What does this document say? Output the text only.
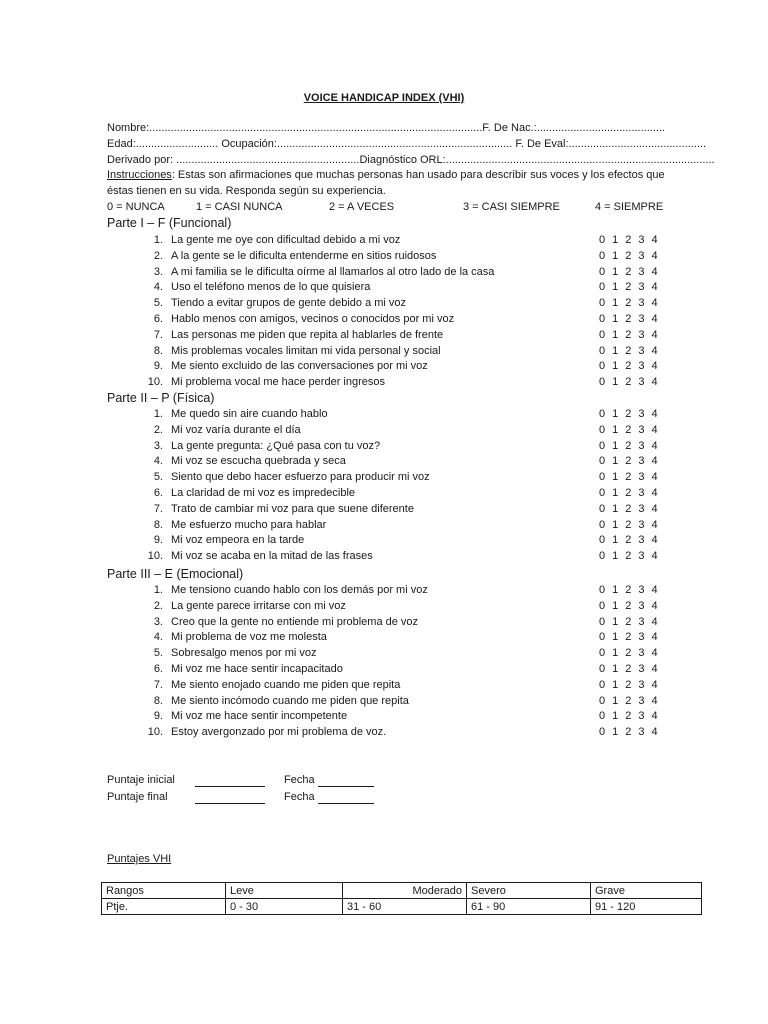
VOICE HANDICAP INDEX (VHI)
Nombre:.............................................................................................................F. De Nac.:..........................................
Edad:........................... Ocupación:............................................................................. F. De Eval:.............................................
Derivado por: ............................................................Diagnóstico ORL:........................................................................................
Instrucciones: Estas son afirmaciones que muchas personas han usado para describir sus voces y los efectos que
éstas tienen en su vida. Responda según su experiencia.
0 = NUNCA	1 = CASI NUNCA	2 = A VECES	3 = CASI SIEMPRE	4 = SIEMPRE
Parte I – F (Funcional)
1. La gente me oye con dificultad debido a mi voz	0  1  2  3  4
2. A la gente se le dificulta entenderme en sitios ruidosos	0  1  2  3  4
3. A mi familia se le dificulta oírme al llamarlos al otro lado de la casa	0  1  2  3  4
4. Uso el teléfono menos de lo que quisiera	0  1  2  3  4
5. Tiendo a evitar grupos de gente debido a mi voz	0  1  2  3  4
6. Hablo menos con amigos, vecinos o conocidos por mi voz	0  1  2  3  4
7. Las personas me piden que repita al hablarles de frente	0  1  2  3  4
8. Mis problemas vocales limitan mi vida personal y social	0  1  2  3  4
9. Me siento excluido de las conversaciones por mi voz	0  1  2  3  4
10. Mi problema vocal me hace perder ingresos	0  1  2  3  4
Parte II – P (Física)
1. Me quedo sin aire cuando hablo	0  1  2  3  4
2. Mi voz varía durante el día	0  1  2  3  4
3. La gente pregunta: ¿Qué pasa con tu voz?	0  1  2  3  4
4. Mi voz se escucha quebrada y seca	0  1  2  3  4
5. Siento que debo hacer esfuerzo para producir mi voz	0  1  2  3  4
6. La claridad de mi voz es impredecible	0  1  2  3  4
7. Trato de cambiar mi voz para que suene diferente	0  1  2  3  4
8. Me esfuerzo mucho para hablar	0  1  2  3  4
9. Mi voz empeora en la tarde	0  1  2  3  4
10. Mi voz se acaba en la mitad de las frases	0  1  2  3  4
Parte III – E (Emocional)
1. Me tensiono cuando hablo con los demás por mi voz	0  1  2  3  4
2. La gente parece irritarse con mi voz	0  1  2  3  4
3. Creo que la gente no entiende mi problema de voz	0  1  2  3  4
4. Mi problema de voz me molesta	0  1  2  3  4
5. Sobresalgo menos por mi voz	0  1  2  3  4
6. Mi voz me hace sentir incapacitado	0  1  2  3  4
7. Me siento enojado cuando me piden que repita	0  1  2  3  4
8. Me siento incómodo cuando me piden que repita	0  1  2  3  4
9. Mi voz me hace sentir incompetente	0  1  2  3  4
10. Estoy avergonzado por mi problema de voz.	0  1  2  3  4
Puntaje inicial	Fecha
Puntaje final	Fecha
Puntajes VHI
Rangos	Leve	Moderado	Severo	Grave
Ptje.	0 - 30	31 - 60	61 - 90	91 - 120
